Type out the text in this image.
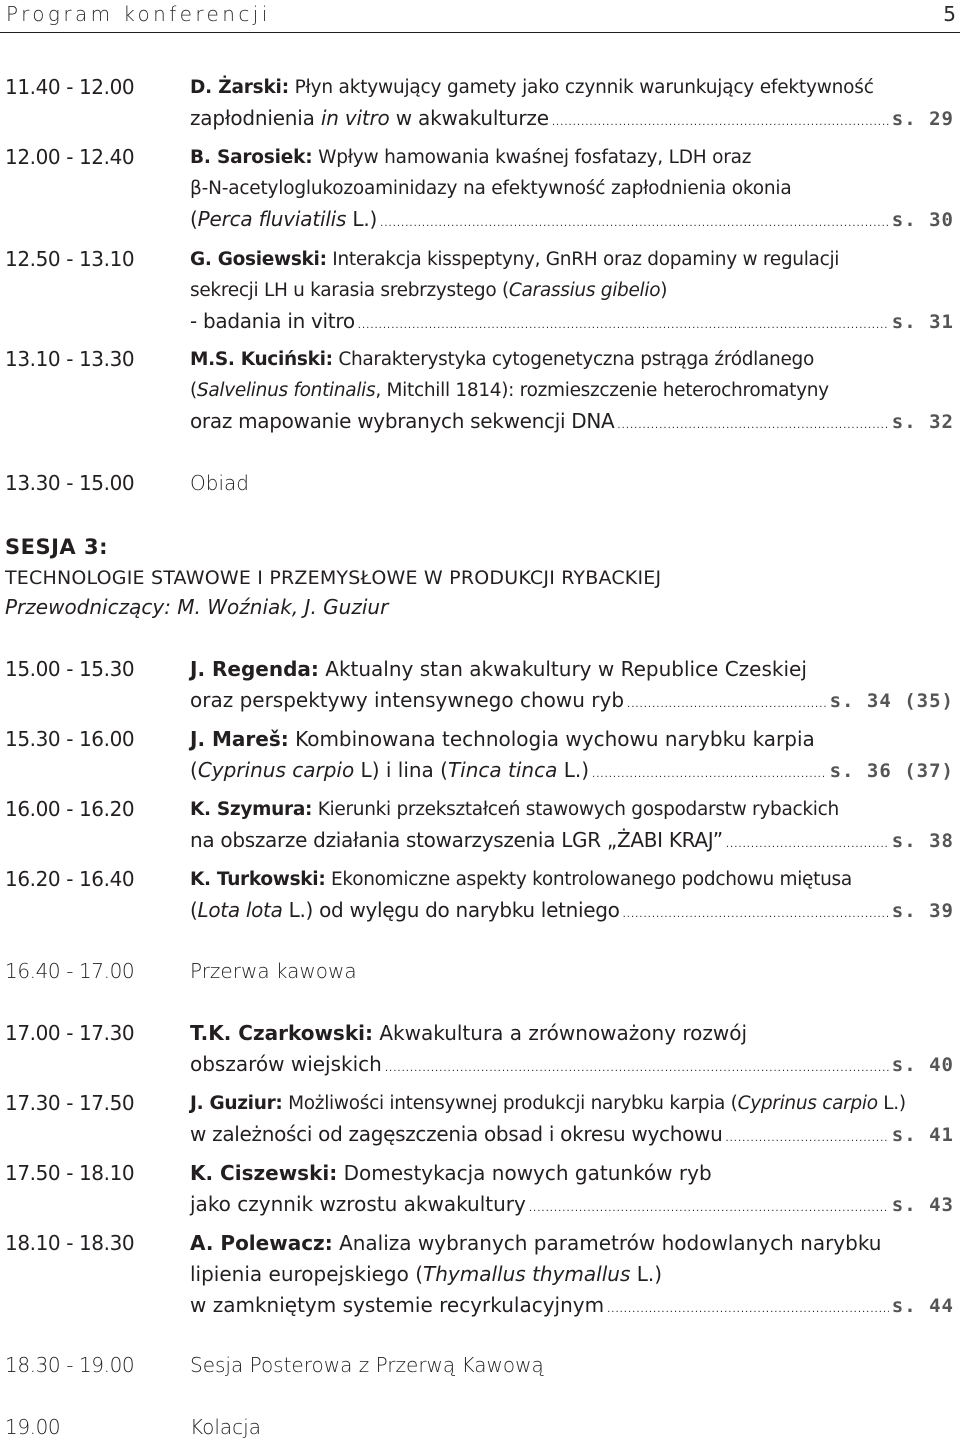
Program konferencji	5
11.40 - 12.00	D. Żarski: Płyn aktywujący gamety jako czynnik warunkujący efektywność
zapłodnienia in vitro w akwakulturze .....	s. 29
12.00 - 12.40	B. Sarosiek: Wpływ hamowania kwaśnej fosfatazy, LDH oraz
β-N-acetyloglukozoaminidazy na efektywność zapłodnienia okonia
(Perca fluviatilis L.) .....	s. 30
12.50 - 13.10	G. Gosiewski: Interakcja kisspeptyny, GnRH oraz dopaminy w regulacji
sekrecji LH u karasia srebrzystego (Carassius gibelio)
- badania in vitro .....	s. 31
13.10 - 13.30	M.S. Kuciński: Charakterystyka cytogenetyczna pstrąga źródlanego
(Salvelinus fontinalis, Mitchill 1814): rozmieszczenie heterochromatyny
oraz mapowanie wybranych sekwencji DNA .....	s. 32
13.30 - 15.00	Obiad
SESJA 3:
TECHNOLOGIE STAWOWE I PRZEMYSŁOWE W PRODUKCJI RYBACKIEJ
Przewodniczący: M. Woźniak, J. Guziur
15.00 - 15.30	J. Regenda: Aktualny stan akwakultury w Republice Czeskiej
oraz perspektywy intensywnego chowu ryb .....	s. 34 (35)
15.30 - 16.00	J. Mareš: Kombinowana technologia wychowu narybku karpia
(Cyprinus carpio L) i lina (Tinca tinca L.) .....	s. 36 (37)
16.00 - 16.20	K. Szymura: Kierunki przekształceń stawowych gospodarstw rybackich
na obszarze działania stowarzyszenia LGR „ŻABI KRAJ” .....	s. 38
16.20 - 16.40	K. Turkowski: Ekonomiczne aspekty kontrolowanego podchowu miętusa
(Lota lota L.) od wylęgu do narybku letniego .....	s. 39
16.40 - 17.00	Przerwa kawowa
17.00 - 17.30	T.K. Czarkowski: Akwakultura a zrównoważony rozwój
obszarów wiejskich .....	s. 40
17.30 - 17.50	J. Guziur: Możliwości intensywnej produkcji narybku karpia (Cyprinus carpio L.)
w zależności od zagęszczenia obsad i okresu wychowu .....	s. 41
17.50 - 18.10	K. Ciszewski: Domestykacja nowych gatunków ryb
jako czynnik wzrostu akwakultury .....	s. 43
18.10 - 18.30	A. Polewacz: Analiza wybranych parametrów hodowlanych narybku
lipienia europejskiego (Thymallus thymallus L.)
w zamkniętym systemie recyrkulacyjnym .....	s. 44
18.30 - 19.00	Sesja Posterowa z Przerwą Kawową
19.00	Kolacja
